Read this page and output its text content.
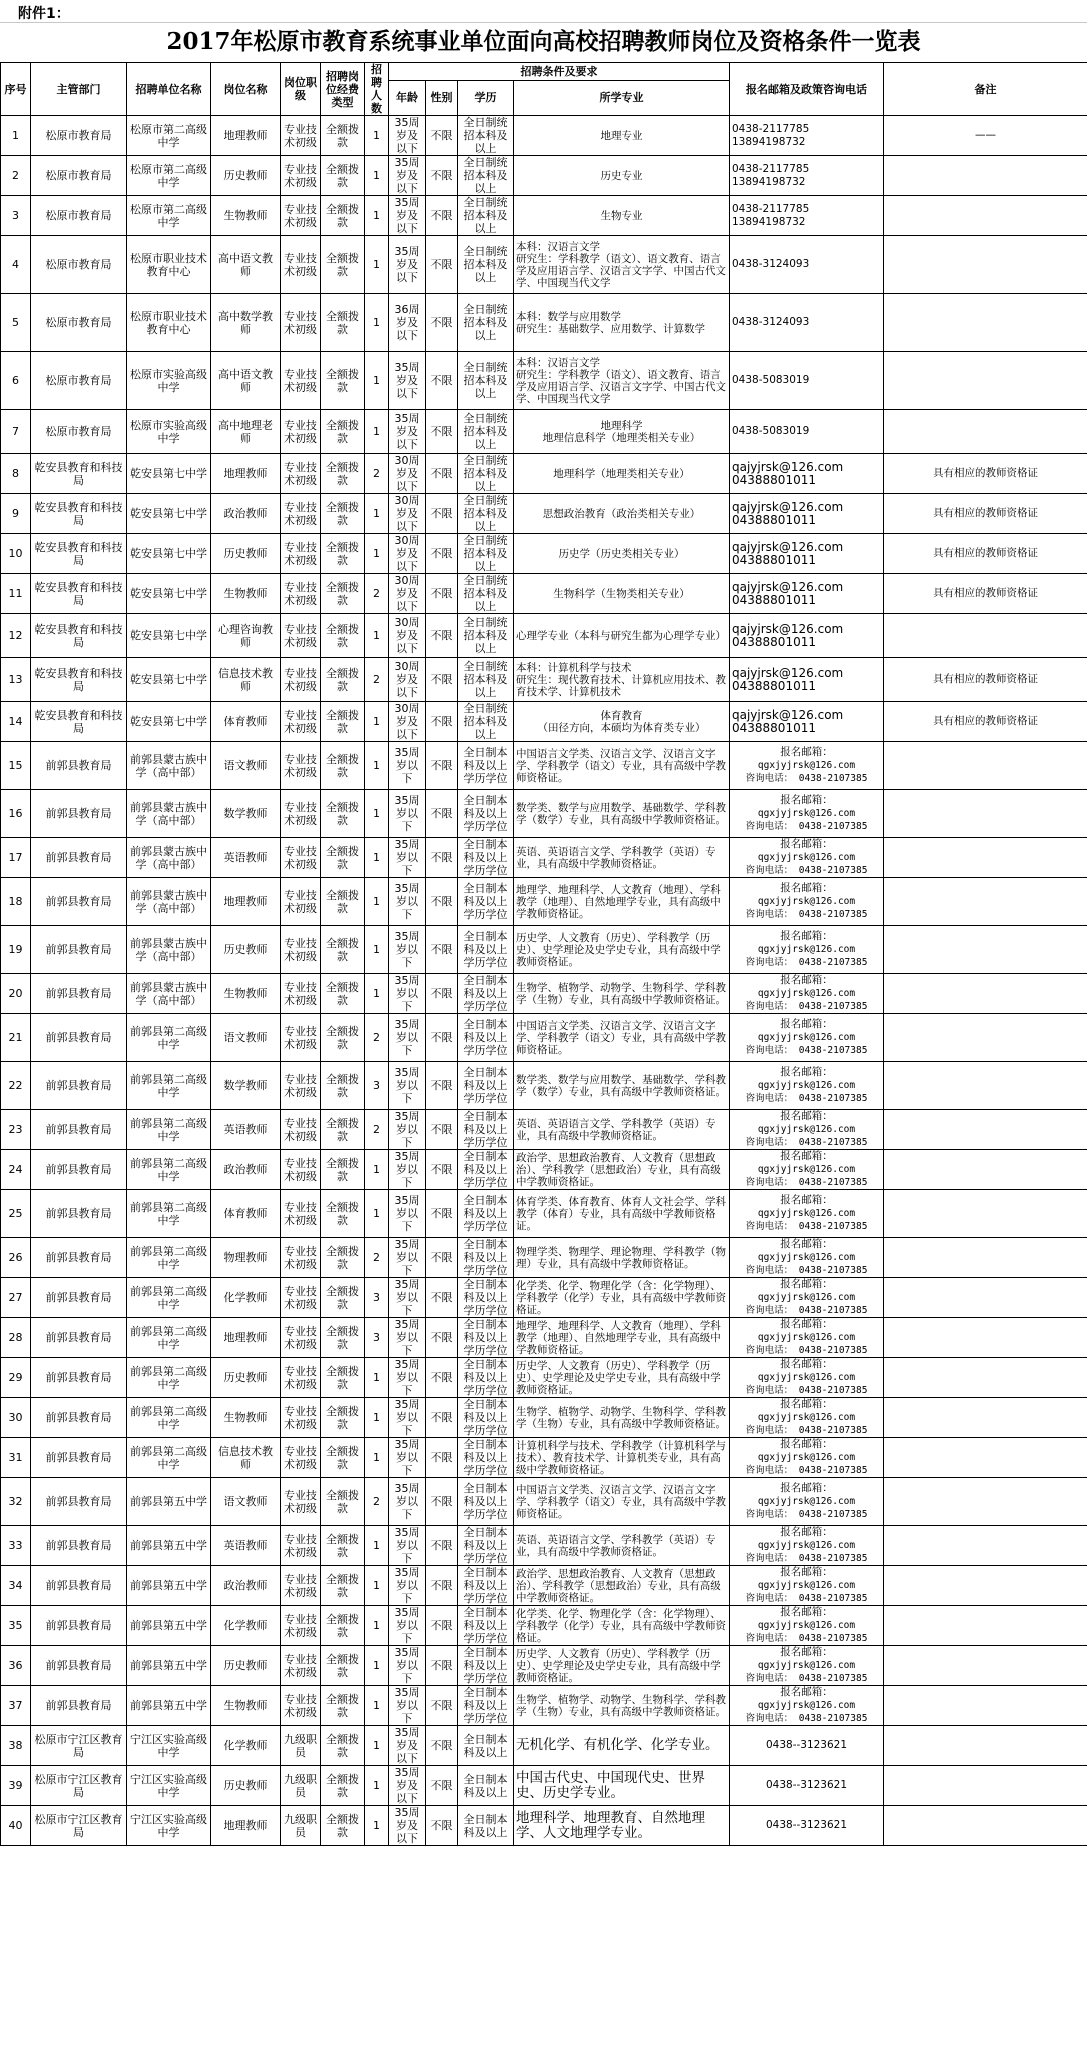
附件1：
2017年松原市教育系统事业单位面向高校招聘教师岗位及资格条件一览表
序号	主管部门	招聘单位名称	岗位名称	岗位职级	招聘岗位经费类型	招聘人数	招聘条件及要求				报名邮箱及政策咨询电话	备注
							年龄	性别	学历	所学专业		
1	松原市教育局	松原市第二高级中学	地理教师	专业技术初级	全额拨款	1	35周岁及以下	不限	全日制统招本科及以上	地理专业	0438-2117785
13894198732	——
2	松原市教育局	松原市第二高级中学	历史教师	专业技术初级	全额拨款	1	35周岁及以下	不限	全日制统招本科及以上	历史专业	0438-2117785
13894198732	
3	松原市教育局	松原市第二高级中学	生物教师	专业技术初级	全额拨款	1	35周岁及以下	不限	全日制统招本科及以上	生物专业	0438-2117785
13894198732	
4	松原市教育局	松原市职业技术教育中心	高中语文教师	专业技术初级	全额拨款	1	35周岁及以下	不限	全日制统招本科及以上	本科：汉语言文学
研究生：学科教学（语文）、语文教育、语言学及应用语言学、汉语言文字学、中国古代文学、中国现当代文学	0438-3124093	
5	松原市教育局	松原市职业技术教育中心	高中数学教师	专业技术初级	全额拨款	1	36周岁及以下	不限	全日制统招本科及以上	本科：数学与应用数学
研究生：基础数学、应用数学、计算数学	0438-3124093	
6	松原市教育局	松原市实验高级中学	高中语文教师	专业技术初级	全额拨款	1	35周岁及以下	不限	全日制统招本科及以上	本科：汉语言文学
研究生：学科教学（语文）、语文教育、语言学及应用语言学、汉语言文字学、中国古代文学、中国现当代文学	0438-5083019	
7	松原市教育局	松原市实验高级中学	高中地理老师	专业技术初级	全额拨款	1	35周岁及以下	不限	全日制统招本科及以上	地理科学
地理信息科学（地理类相关专业）	0438-5083019	
8	乾安县教育和科技局	乾安县第七中学	地理教师	专业技术初级	全额拨款	2	30周岁及以下	不限	全日制统招本科及以上	地理科学（地理类相关专业）	qajyjrsk@126.com
04388801011	具有相应的教师资格证
9	乾安县教育和科技局	乾安县第七中学	政治教师	专业技术初级	全额拨款	1	30周岁及以下	不限	全日制统招本科及以上	思想政治教育（政治类相关专业）	qajyjrsk@126.com
04388801011	具有相应的教师资格证
10	乾安县教育和科技局	乾安县第七中学	历史教师	专业技术初级	全额拨款	1	30周岁及以下	不限	全日制统招本科及以上	历史学（历史类相关专业）	qajyjrsk@126.com
04388801011	具有相应的教师资格证
11	乾安县教育和科技局	乾安县第七中学	生物教师	专业技术初级	全额拨款	2	30周岁及以下	不限	全日制统招本科及以上	生物科学（生物类相关专业）	qajyjrsk@126.com
04388801011	具有相应的教师资格证
12	乾安县教育和科技局	乾安县第七中学	心理咨询教师	专业技术初级	全额拨款	1	30周岁及以下	不限	全日制统招本科及以上	心理学专业（本科与研究生都为心理学专业）	qajyjrsk@126.com
04388801011	
13	乾安县教育和科技局	乾安县第七中学	信息技术教师	专业技术初级	全额拨款	2	30周岁及以下	不限	全日制统招本科及以上	本科：计算机科学与技术
研究生：现代教育技术、计算机应用技术、教育技术学、计算机技术	qajyjrsk@126.com
04388801011	具有相应的教师资格证
14	乾安县教育和科技局	乾安县第七中学	体育教师	专业技术初级	全额拨款	1	30周岁及以下	不限	全日制统招本科及以上	体育教育
（田径方向，本硕均为体育类专业）	qajyjrsk@126.com
04388801011	具有相应的教师资格证
15	前郭县教育局	前郭县蒙古族中学（高中部）	语文教师	专业技术初级	全额拨款	1	35周岁以下	不限	全日制本科及以上学历学位	中国语言文学类、汉语言文学、汉语言文字学、学科教学（语文）专业，具有高级中学教师资格证。	报名邮箱：
qgxjyjrsk@126.com
咨询电话： 0438-2107385	
16	前郭县教育局	前郭县蒙古族中学（高中部）	数学教师	专业技术初级	全额拨款	1	35周岁以下	不限	全日制本科及以上学历学位	数学类、数学与应用数学、基础数学、学科教学（数学）专业，具有高级中学教师资格证。	报名邮箱：
qgxjyjrsk@126.com
咨询电话： 0438-2107385	
17	前郭县教育局	前郭县蒙古族中学（高中部）	英语教师	专业技术初级	全额拨款	1	35周岁以下	不限	全日制本科及以上学历学位	英语、英语语言文学、学科教学（英语）专业，具有高级中学教师资格证。	报名邮箱：
qgxjyjrsk@126.com
咨询电话： 0438-2107385	
18	前郭县教育局	前郭县蒙古族中学（高中部）	地理教师	专业技术初级	全额拨款	1	35周岁以下	不限	全日制本科及以上学历学位	地理学、地理科学、人文教育（地理）、学科教学（地理）、自然地理学专业，具有高级中学教师资格证。	报名邮箱：
qgxjyjrsk@126.com
咨询电话： 0438-2107385	
19	前郭县教育局	前郭县蒙古族中学（高中部）	历史教师	专业技术初级	全额拨款	1	35周岁以下	不限	全日制本科及以上学历学位	历史学、人文教育（历史）、学科教学（历史）、史学理论及史学史专业，具有高级中学教师资格证。	报名邮箱：
qgxjyjrsk@126.com
咨询电话： 0438-2107385	
20	前郭县教育局	前郭县蒙古族中学（高中部）	生物教师	专业技术初级	全额拨款	1	35周岁以下	不限	全日制本科及以上学历学位	生物学、植物学、动物学、生物科学、学科教学（生物）专业，具有高级中学教师资格证。	报名邮箱：
qgxjyjrsk@126.com
咨询电话： 0438-2107385	
21	前郭县教育局	前郭县第二高级中学	语文教师	专业技术初级	全额拨款	2	35周岁以下	不限	全日制本科及以上学历学位	中国语言文学类、汉语言文学、汉语言文字学、学科教学（语文）专业，具有高级中学教师资格证。	报名邮箱：
qgxjyjrsk@126.com
咨询电话： 0438-2107385	
22	前郭县教育局	前郭县第二高级中学	数学教师	专业技术初级	全额拨款	3	35周岁以下	不限	全日制本科及以上学历学位	数学类、数学与应用数学、基础数学、学科教学（数学）专业，具有高级中学教师资格证。	报名邮箱：
qgxjyjrsk@126.com
咨询电话： 0438-2107385	
23	前郭县教育局	前郭县第二高级中学	英语教师	专业技术初级	全额拨款	2	35周岁以下	不限	全日制本科及以上学历学位	英语、英语语言文学、学科教学（英语）专业，具有高级中学教师资格证。	报名邮箱：
qgxjyjrsk@126.com
咨询电话： 0438-2107385	
24	前郭县教育局	前郭县第二高级中学	政治教师	专业技术初级	全额拨款	1	35周岁以下	不限	全日制本科及以上学历学位	政治学、思想政治教育、人文教育（思想政治）、学科教学（思想政治）专业，具有高级中学教师资格证。	报名邮箱：
qgxjyjrsk@126.com
咨询电话： 0438-2107385	
25	前郭县教育局	前郭县第二高级中学	体育教师	专业技术初级	全额拨款	1	35周岁以下	不限	全日制本科及以上学历学位	体育学类、体育教育、体育人文社会学、学科教学（体育）专业，具有高级中学教师资格证。	报名邮箱：
qgxjyjrsk@126.com
咨询电话： 0438-2107385	
26	前郭县教育局	前郭县第二高级中学	物理教师	专业技术初级	全额拨款	2	35周岁以下	不限	全日制本科及以上学历学位	物理学类、物理学、理论物理、学科教学（物理）专业，具有高级中学教师资格证。	报名邮箱：
qgxjyjrsk@126.com
咨询电话： 0438-2107385	
27	前郭县教育局	前郭县第二高级中学	化学教师	专业技术初级	全额拨款	3	35周岁以下	不限	全日制本科及以上学历学位	化学类、化学、物理化学（含：化学物理）、学科教学（化学）专业，具有高级中学教师资格证。	报名邮箱：
qgxjyjrsk@126.com
咨询电话： 0438-2107385	
28	前郭县教育局	前郭县第二高级中学	地理教师	专业技术初级	全额拨款	3	35周岁以下	不限	全日制本科及以上学历学位	地理学、地理科学、人文教育（地理）、学科教学（地理）、自然地理学专业，具有高级中学教师资格证。	报名邮箱：
qgxjyjrsk@126.com
咨询电话： 0438-2107385	
29	前郭县教育局	前郭县第二高级中学	历史教师	专业技术初级	全额拨款	1	35周岁以下	不限	全日制本科及以上学历学位	历史学、人文教育（历史）、学科教学（历史）、史学理论及史学史专业，具有高级中学教师资格证。	报名邮箱：
qgxjyjrsk@126.com
咨询电话： 0438-2107385	
30	前郭县教育局	前郭县第二高级中学	生物教师	专业技术初级	全额拨款	1	35周岁以下	不限	全日制本科及以上学历学位	生物学、植物学、动物学、生物科学、学科教学（生物）专业，具有高级中学教师资格证。	报名邮箱：
qgxjyjrsk@126.com
咨询电话： 0438-2107385	
31	前郭县教育局	前郭县第二高级中学	信息技术教师	专业技术初级	全额拨款	1	35周岁以下	不限	全日制本科及以上学历学位	计算机科学与技术、学科教学（计算机科学与技术）、教育技术学、计算机类专业，具有高级中学教师资格证。	报名邮箱：
qgxjyjrsk@126.com
咨询电话： 0438-2107385	
32	前郭县教育局	前郭县第五中学	语文教师	专业技术初级	全额拨款	2	35周岁以下	不限	全日制本科及以上学历学位	中国语言文学类、汉语言文学、汉语言文字学、学科教学（语文）专业，具有高级中学教师资格证。	报名邮箱：
qgxjyjrsk@126.com
咨询电话： 0438-2107385	
33	前郭县教育局	前郭县第五中学	英语教师	专业技术初级	全额拨款	1	35周岁以下	不限	全日制本科及以上学历学位	英语、英语语言文学、学科教学（英语）专业，具有高级中学教师资格证。	报名邮箱：
qgxjyjrsk@126.com
咨询电话： 0438-2107385	
34	前郭县教育局	前郭县第五中学	政治教师	专业技术初级	全额拨款	1	35周岁以下	不限	全日制本科及以上学历学位	政治学、思想政治教育、人文教育（思想政治）、学科教学（思想政治）专业，具有高级中学教师资格证。	报名邮箱：
qgxjyjrsk@126.com
咨询电话： 0438-2107385	
35	前郭县教育局	前郭县第五中学	化学教师	专业技术初级	全额拨款	1	35周岁以下	不限	全日制本科及以上学历学位	化学类、化学、物理化学（含：化学物理）、学科教学（化学）专业，具有高级中学教师资格证。	报名邮箱：
qgxjyjrsk@126.com
咨询电话： 0438-2107385	
36	前郭县教育局	前郭县第五中学	历史教师	专业技术初级	全额拨款	1	35周岁以下	不限	全日制本科及以上学历学位	历史学、人文教育（历史）、学科教学（历史）、史学理论及史学史专业，具有高级中学教师资格证。	报名邮箱：
qgxjyjrsk@126.com
咨询电话： 0438-2107385	
37	前郭县教育局	前郭县第五中学	生物教师	专业技术初级	全额拨款	1	35周岁以下	不限	全日制本科及以上学历学位	生物学、植物学、动物学、生物科学、学科教学（生物）专业，具有高级中学教师资格证。	报名邮箱：
qgxjyjrsk@126.com
咨询电话： 0438-2107385	
38	松原市宁江区教育局	宁江区实验高级中学	化学教师	九级职员	全额拨款	1	35周岁及以下	不限	全日制本科及以上	无机化学、有机化学、化学专业。	0438--3123621	
39	松原市宁江区教育局	宁江区实验高级中学	历史教师	九级职员	全额拨款	1	35周岁及以下	不限	全日制本科及以上	中国古代史、中国现代史、世界史、历史学专业。	0438--3123621	
40	松原市宁江区教育局	宁江区实验高级中学	地理教师	九级职员	全额拨款	1	35周岁及以下	不限	全日制本科及以上	地理科学、地理教育、自然地理学、人文地理学专业。	0438--3123621	
